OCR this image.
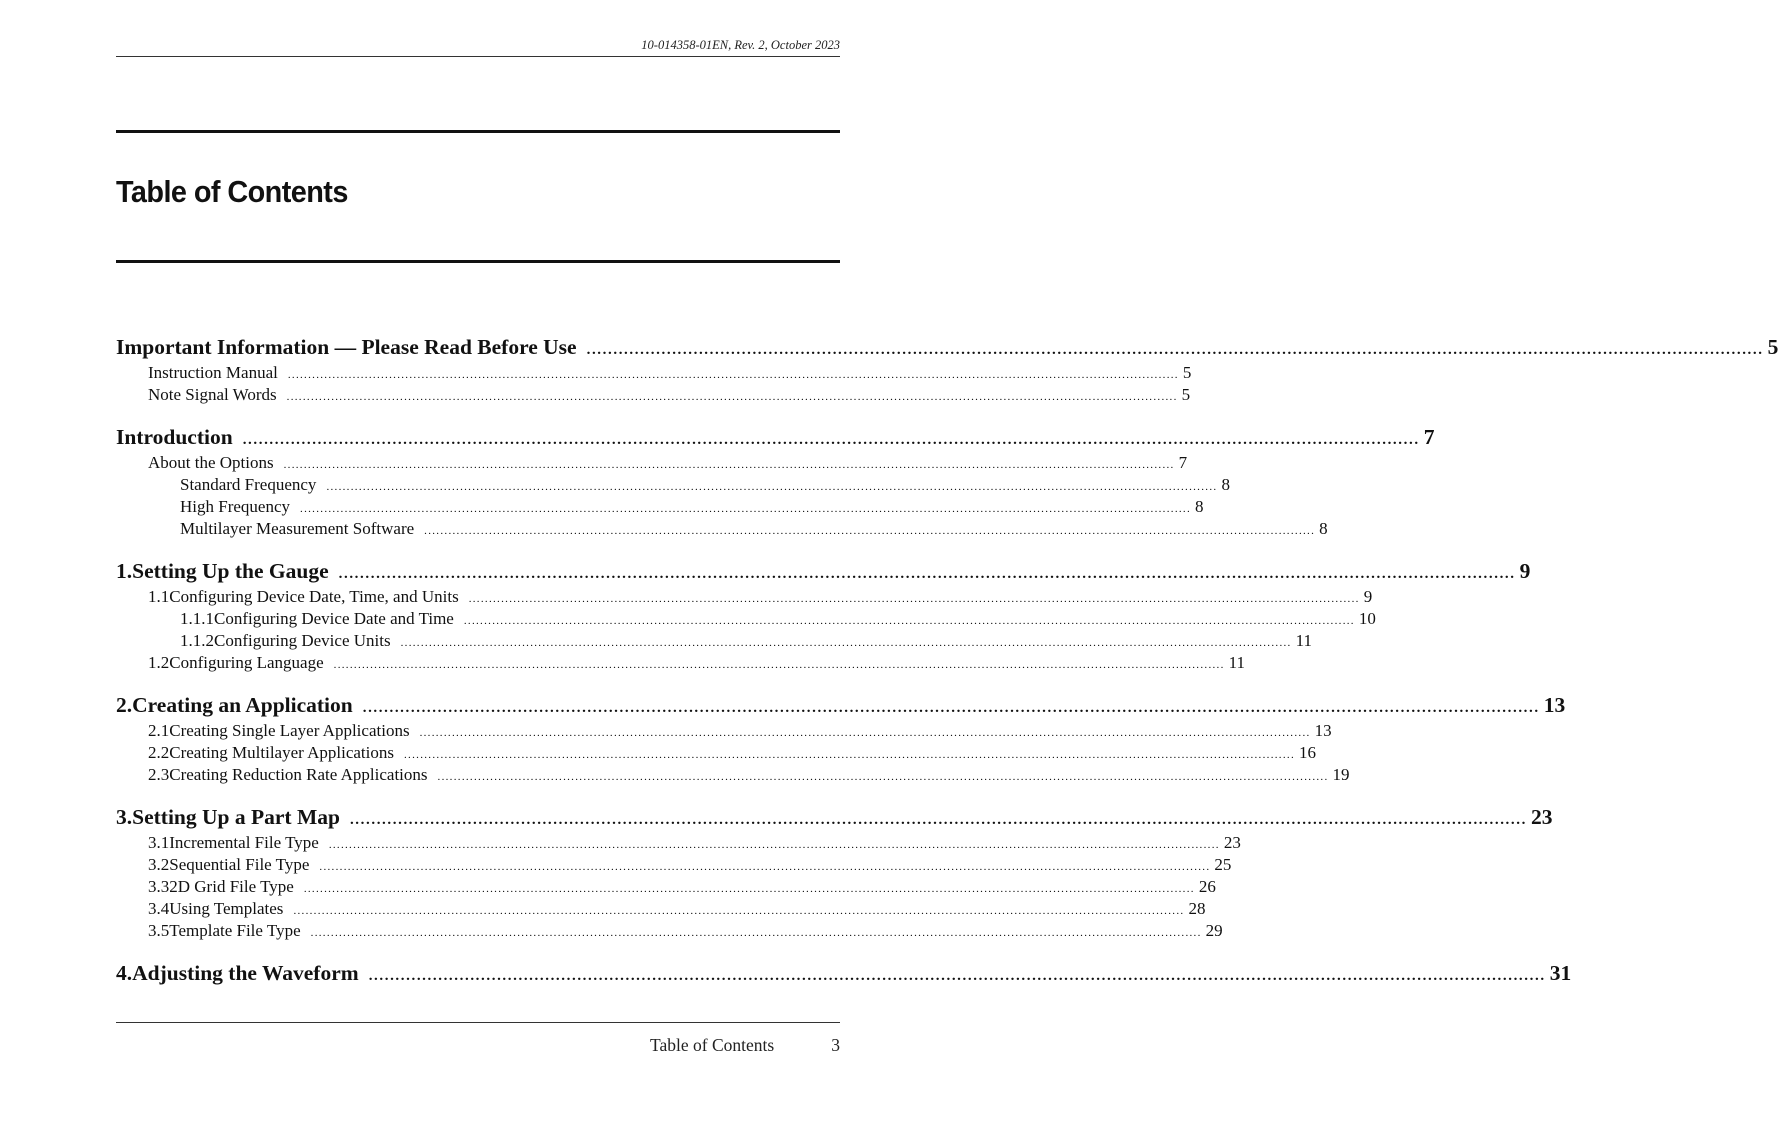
10-014358-01EN, Rev. 2, October 2023
Table of Contents
Important Information — Please Read Before Use ............................................................................................................................................................................................................................ 5
Instruction Manual ............................................................................................................................................................................................................................ 5
Note Signal Words ............................................................................................................................................................................................................................ 5
Introduction ............................................................................................................................................................................................................................ 7
About the Options ............................................................................................................................................................................................................................ 7
Standard Frequency ............................................................................................................................................................................................................................ 8
High Frequency ............................................................................................................................................................................................................................ 8
Multilayer Measurement Software ............................................................................................................................................................................................................................ 8
1. Setting Up the Gauge ............................................................................................................................................................................................................................ 9
1.1 Configuring Device Date, Time, and Units ............................................................................................................................................................................................................................ 9
1.1.1 Configuring Device Date and Time ............................................................................................................................................................................................................................ 10
1.1.2 Configuring Device Units ............................................................................................................................................................................................................................ 11
1.2 Configuring Language ............................................................................................................................................................................................................................ 11
2. Creating an Application ............................................................................................................................................................................................................................ 13
2.1 Creating Single Layer Applications ............................................................................................................................................................................................................................ 13
2.2 Creating Multilayer Applications ............................................................................................................................................................................................................................ 16
2.3 Creating Reduction Rate Applications ............................................................................................................................................................................................................................ 19
3. Setting Up a Part Map ............................................................................................................................................................................................................................ 23
3.1 Incremental File Type ............................................................................................................................................................................................................................ 23
3.2 Sequential File Type ............................................................................................................................................................................................................................ 25
3.3 2D Grid File Type ............................................................................................................................................................................................................................ 26
3.4 Using Templates ............................................................................................................................................................................................................................ 28
3.5 Template File Type ............................................................................................................................................................................................................................ 29
4. Adjusting the Waveform ............................................................................................................................................................................................................................ 31
Table of Contents	3
